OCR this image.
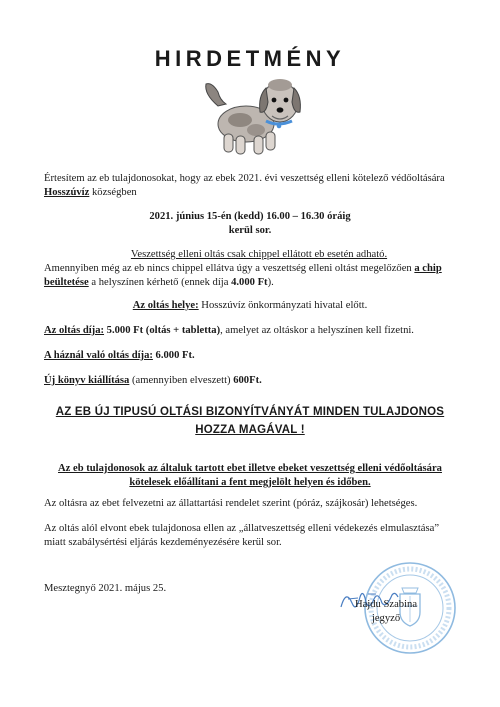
HIRDETMÉNY
Értesítem az eb tulajdonosokat, hogy az ebek 2021. évi veszettség elleni kötelező védőoltására Hosszúvíz községben
2021. június 15-én (kedd) 16.00 – 16.30 óráig
kerül sor.
Veszettség elleni oltás csak chippel ellátott eb esetén adható.
Amennyiben még az eb nincs chippel ellátva úgy a veszettség elleni oltást megelőzően a chip beültetése a helyszínen kérhető (ennek díja 4.000 Ft).
Az oltás helye: Hosszúvíz önkormányzati hivatal előtt.
Az oltás díja: 5.000 Ft (oltás + tabletta), amelyet az oltáskor a helyszínen kell fizetni.
A háznál való oltás díja: 6.000 Ft.
Új könyv kiállítása (amennyiben elveszett) 600Ft.
AZ EB ÚJ TIPUSÚ OLTÁSI BIZONYÍTVÁNYÁT MINDEN TULAJDONOS
HOZZA MAGÁVAL !
Az eb tulajdonosok az általuk tartott ebet illetve ebeket veszettség elleni védőoltására
kötelesek előállítani a fent megjelölt helyen és időben.
Az oltásra az ebet felvezetni az állattartási rendelet szerint (póráz, szájkosár) lehetséges.
Az oltás alól elvont ebek tulajdonosa ellen az „állatveszettség elleni védekezés elmulasztása”
miatt szabálysértési eljárás kezdeményezésére kerül sor.
Mesztegnyő 2021. május 25.
Hajdu Szabina
jegyző
